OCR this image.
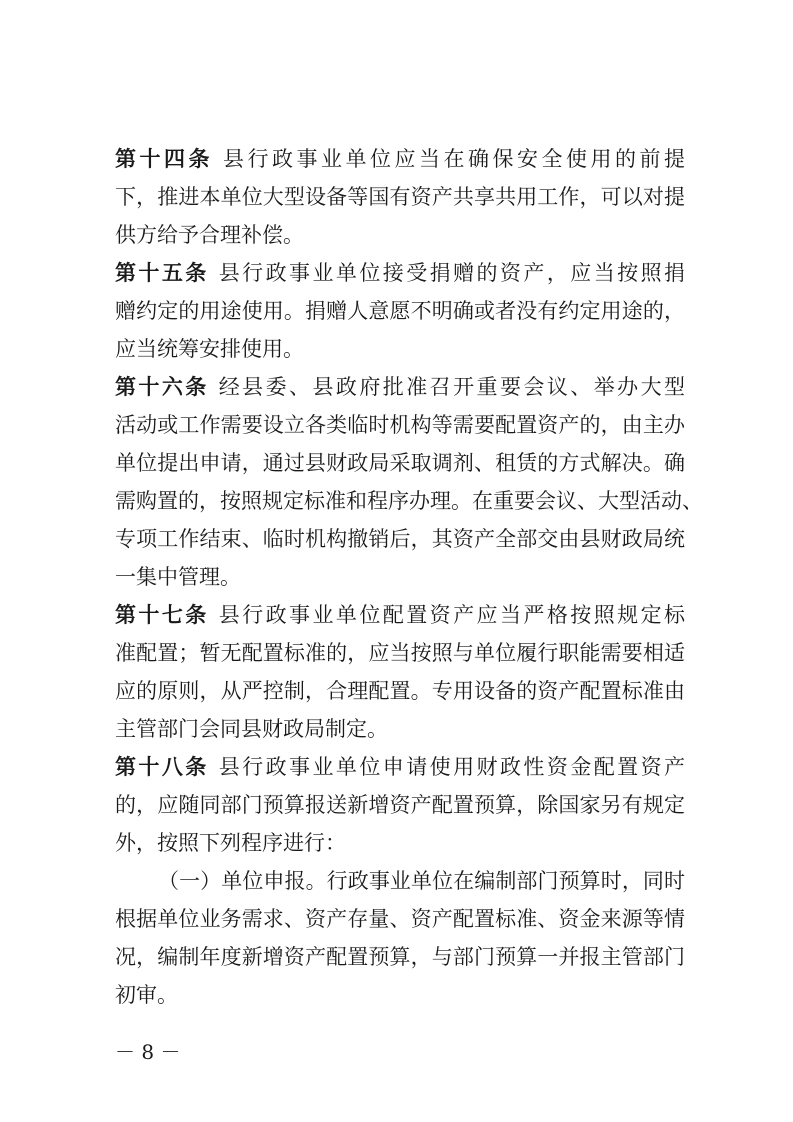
第十四条 县行政事业单位应当在确保安全使用的前提
下，推进本单位大型设备等国有资产共享共用工作，可以对提
供方给予合理补偿。
第十五条 县行政事业单位接受捐赠的资产，应当按照捐
赠约定的用途使用。捐赠人意愿不明确或者没有约定用途的，
应当统筹安排使用。
第十六条 经县委、县政府批准召开重要会议、举办大型
活动或工作需要设立各类临时机构等需要配置资产的，由主办
单位提出申请，通过县财政局采取调剂、租赁的方式解决。确
需购置的，按照规定标准和程序办理。在重要会议、大型活动、
专项工作结束、临时机构撤销后，其资产全部交由县财政局统
一集中管理。
第十七条 县行政事业单位配置资产应当严格按照规定标
准配置；暂无配置标准的，应当按照与单位履行职能需要相适
应的原则，从严控制，合理配置。专用设备的资产配置标准由
主管部门会同县财政局制定。
第十八条 县行政事业单位申请使用财政性资金配置资产
的，应随同部门预算报送新增资产配置预算，除国家另有规定
外，按照下列程序进行：
（一）单位申报。行政事业单位在编制部门预算时，同时
根据单位业务需求、资产存量、资产配置标准、资金来源等情
况，编制年度新增资产配置预算，与部门预算一并报主管部门
初审。
－ 8 －
